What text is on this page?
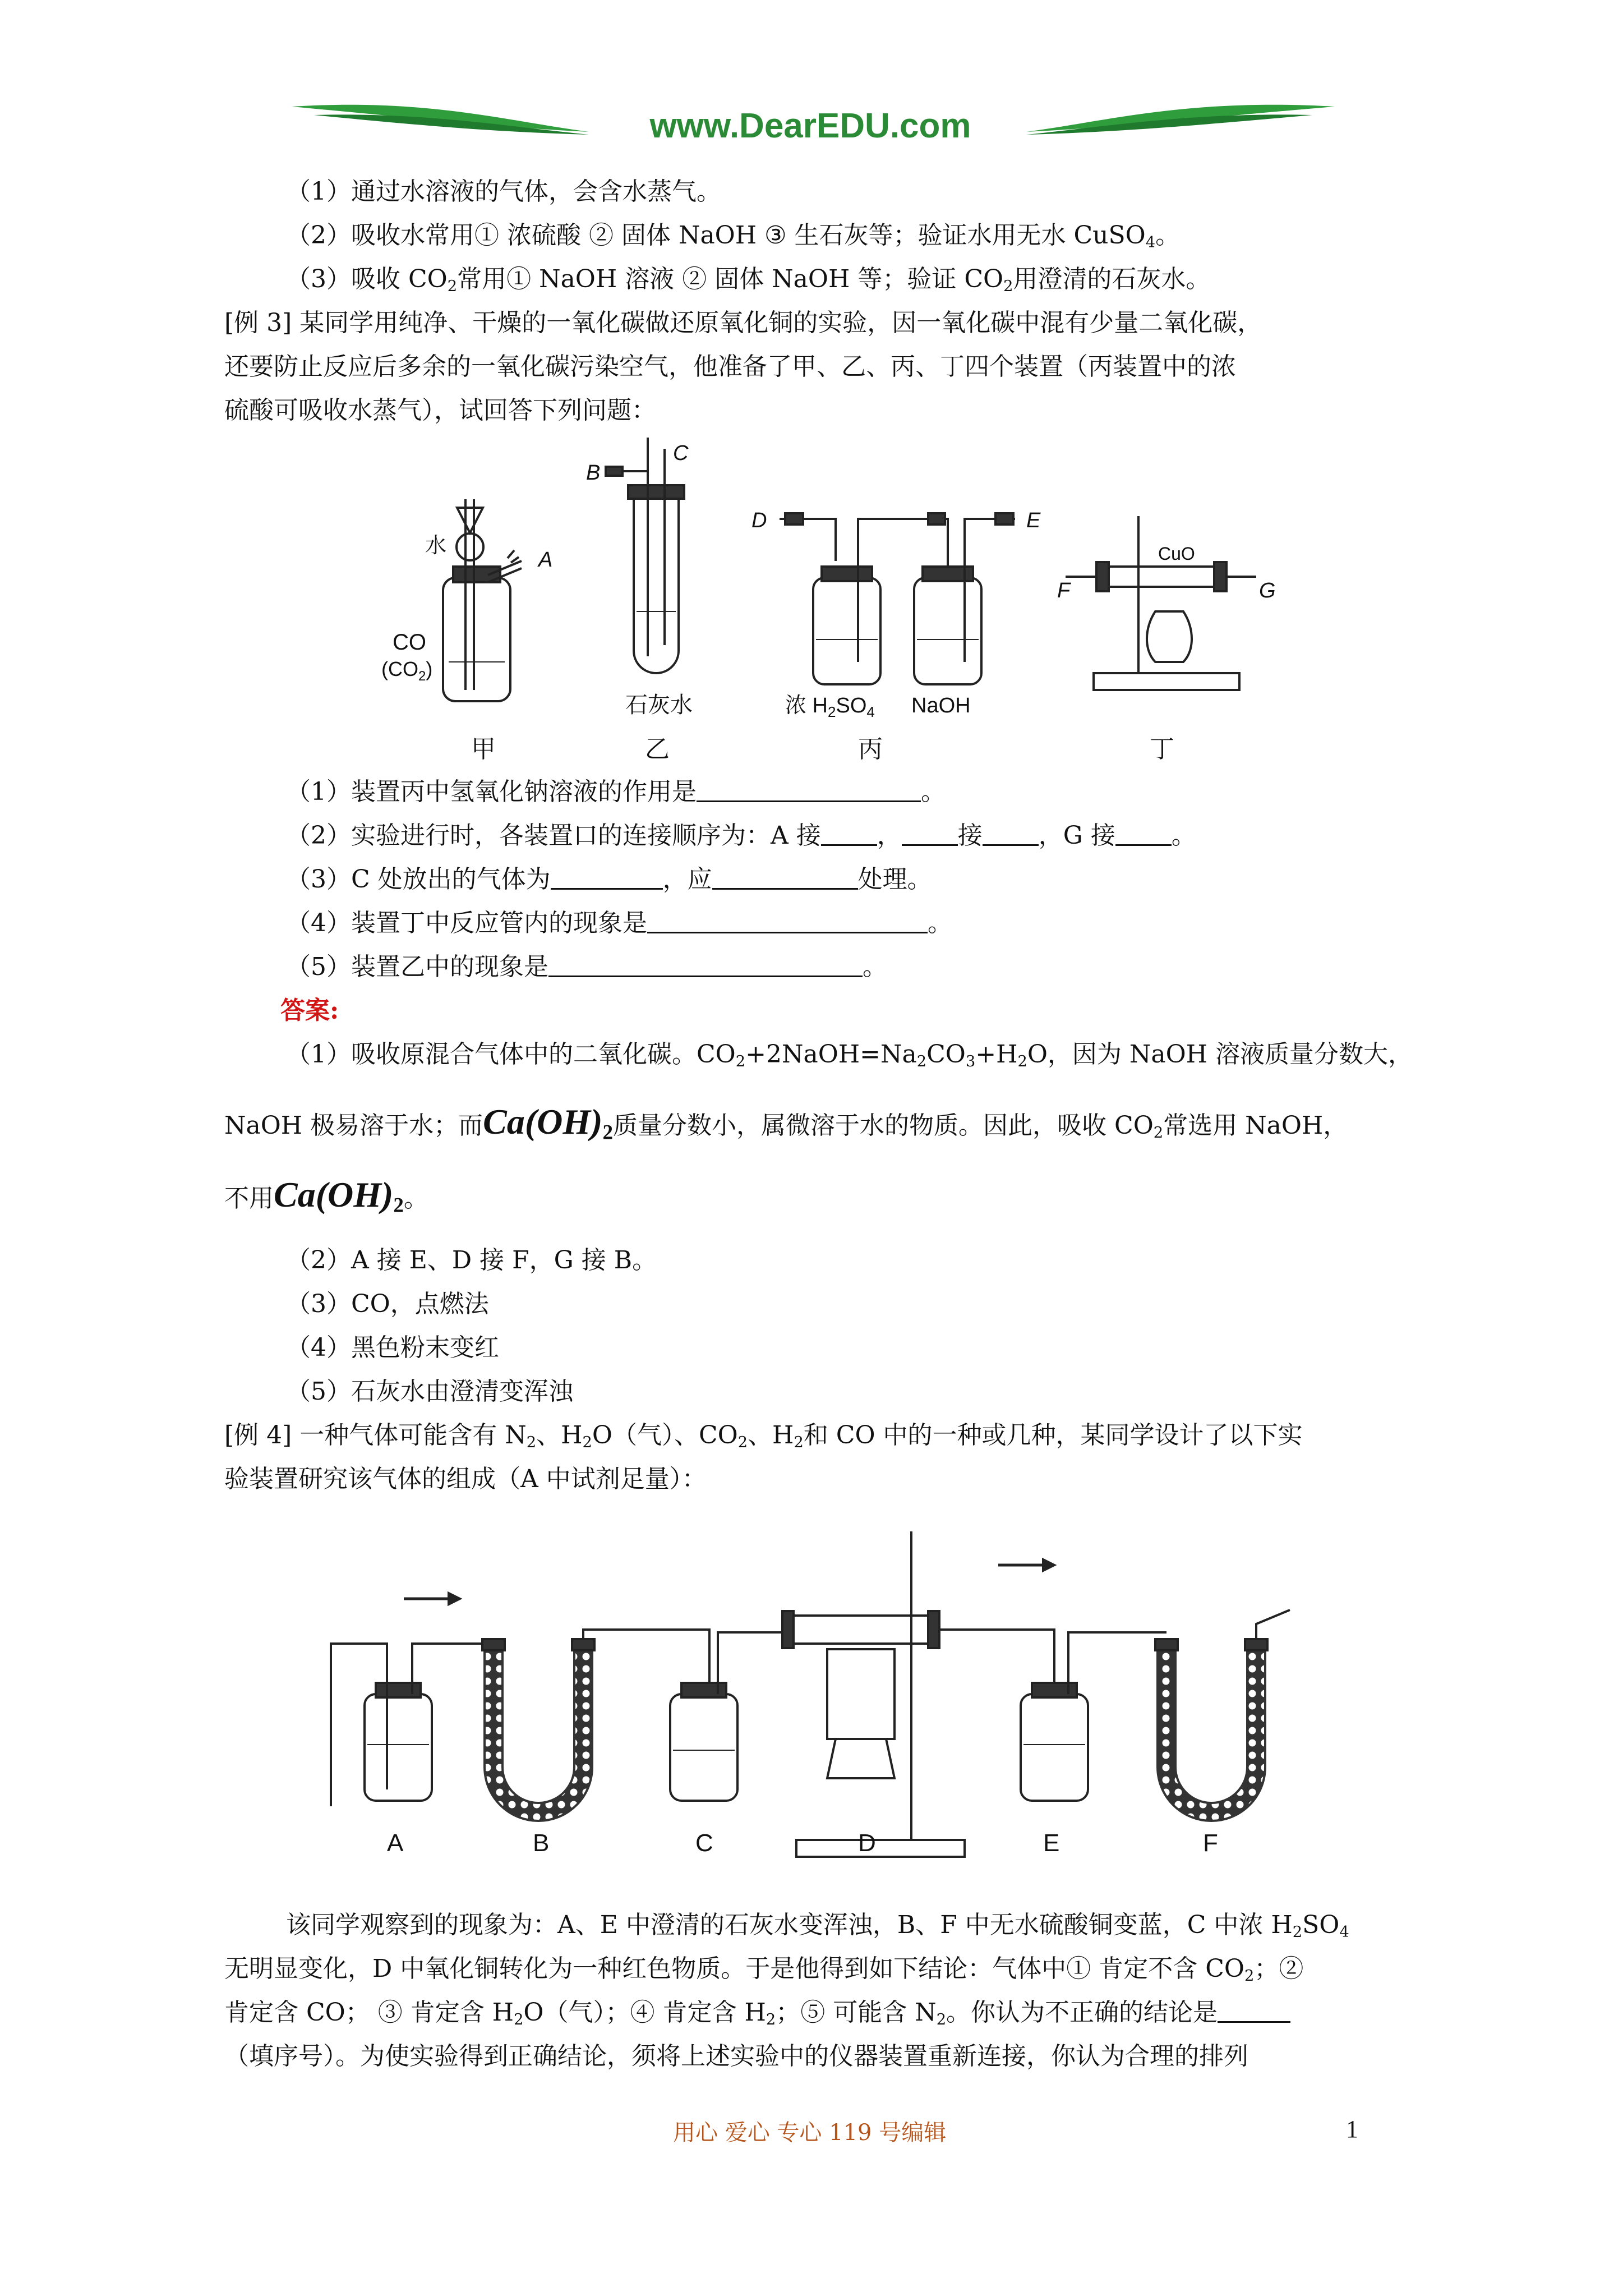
www.DearEDU.com
（1）通过水溶液的气体，会含水蒸气。
（2）吸收水常用① 浓硫酸 ② 固体 NaOH ③ 生石灰等；验证水用无水 CuSO$_4$。
（3）吸收 $CO_2$常用① NaOH 溶液 ② 固体 NaOH 等；验证 $CO_2$用澄清的石灰水。
[例 3] 某同学用纯净、干燥的一氧化碳做还原氧化铜的实验，因一氧化碳中混有少量二氧化碳，
还要防止反应后多余的一氧化碳污染空气，他准备了甲、乙、丙、丁四个装置（丙装置中的浓
硫酸可吸收水蒸气），试回答下列问题：
水
A
CO
$(CO_2)$
B
C
石灰水
D	E
浓 $H_2SO_4$ NaOH
CuO
F	G
甲	乙	丙	丁
（1）装置丙中氢氧化钠溶液的作用是	。
（2）实验进行时，各装置口的连接顺序为：A 接 ， 接 ，G 接 。
（3）C 处放出的气体为	，应	处理。
（4）装置丁中反应管内的现象是	。
（5）装置乙中的现象是	。
答案:
（1）吸收原混合气体中的二氧化碳。$CO_2+2NaOH=Na_2CO_3+H_2O$，因为 NaOH 溶液质量分数大，
NaOH 极易溶于水；而$Ca(OH)_2$质量分数小，属微溶于水的物质。因此，吸收 $CO_2$常选用 NaOH，
不用$Ca(OH)_2$。
（2）A 接 E、D 接 F，G 接 B。
（3）CO，点燃法
（4）黑色粉末变红
（5）石灰水由澄清变浑浊
[例 4] 一种气体可能含有 $N_2$、$H_2O$（气）、$CO_2$、$H_2$和 CO 中的一种或几种，某同学设计了以下实
验装置研究该气体的组成（A 中试剂足量）：
A	B	C	D	E	F
该同学观察到的现象为：A、E 中澄清的石灰水变浑浊，B、F 中无水硫酸铜变蓝，C 中浓 $H_2SO_4$
无明显变化，D 中氧化铜转化为一种红色物质。于是他得到如下结论：气体中① 肯定不含 $CO_2$；②
肯定含 CO； ③ 肯定含 $H_2O$（气）；④ 肯定含 $H_2$；⑤ 可能含 $N_2$。你认为不正确的结论是
（填序号）。为使实验得到正确结论，须将上述实验中的仪器装置重新连接，你认为合理的排列
用心 爱心 专心 119 号编辑	1
